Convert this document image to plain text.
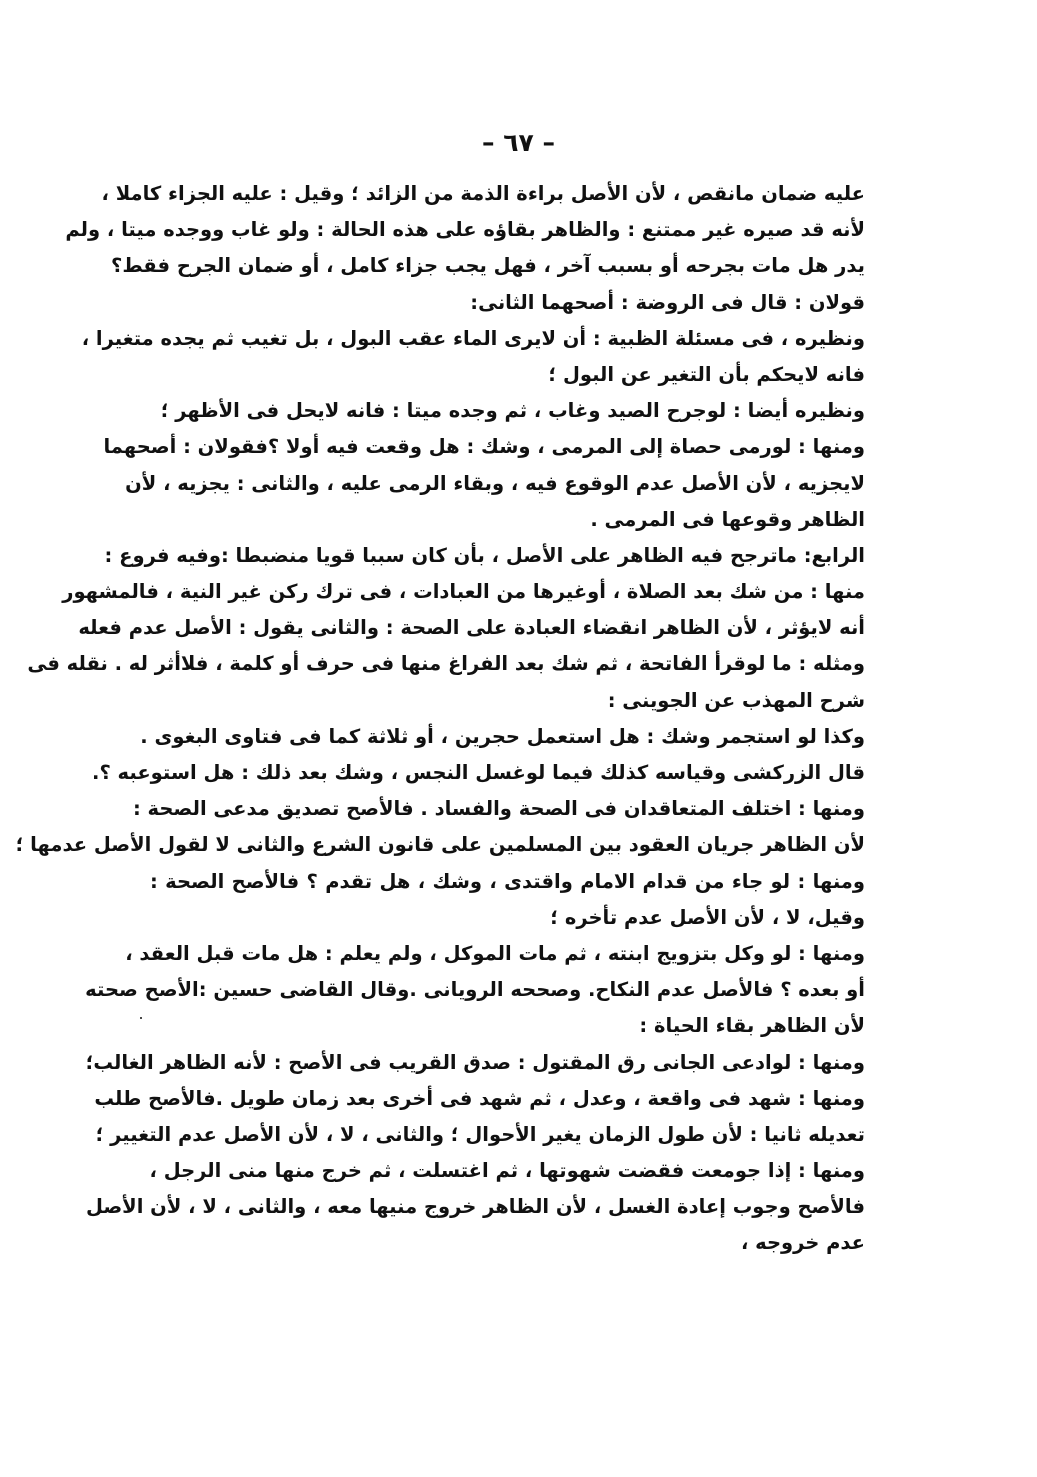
– ٦٧ –
عليه ضمان مانقص ، لأن الأصل براءة الذمة من الزائد ؛ وقيل : عليه الجزاء كاملا ،
لأنه قد صيره غير ممتنع : والظاهر بقاؤه على هذه الحالة : ولو غاب ووجده ميتا ، ولم
يدر هل مات بجرحه أو بسبب آخر ، فهل يجب جزاء كامل ، أو ضمان الجرح فقط؟
قولان : قال فى الروضة : أصحهما الثانى:
ونظيره ، فى مسئلة الظبية : أن لايرى الماء عقب البول ، بل تغيب ثم يجده متغيرا ،
فانه لايحكم بأن التغير عن البول ؛
ونظيره أيضا : لوجرح الصيد وغاب ، ثم وجده ميتا : فانه لايحل فى الأظهر ؛
ومنها : لورمى حصاة إلى المرمى ، وشك : هل وقعت فيه أولا ؟فقولان : أصحهما
لايجزيه ، لأن الأصل عدم الوقوع فيه ، وبقاء الرمى عليه ، والثانى : يجزيه ، لأن
الظاهر وقوعها فى المرمى .
الرابع: ماترجح فيه الظاهر على الأصل ، بأن كان سببا قويا منضبطا :وفيه فروع :
منها : من شك بعد الصلاة ، أوغيرها من العبادات ، فى ترك ركن غير النية ، فالمشهور
أنه لايؤثر ، لأن الظاهر انقضاء العبادة على الصحة : والثانى يقول : الأصل عدم فعله
ومثله : ما لوقرأ الفاتحة ، ثم شك بعد الفراغ منها فى حرف أو كلمة ، فلاأثر له . نقله فى
شرح المهذب عن الجوينى :
وكذا لو استجمر وشك : هل استعمل حجرين ، أو ثلاثة كما فى فتاوى البغوى .
قال الزركشى وقياسه كذلك فيما لوغسل النجس ، وشك بعد ذلك : هل استوعبه ؟.
ومنها : اختلف المتعاقدان فى الصحة والفساد . فالأصح تصديق مدعى الصحة :
لأن الظاهر جريان العقود بين المسلمين على قانون الشرع والثانى لا لقول الأصل عدمها ؛
ومنها : لو جاء من قدام الامام واقتدى ، وشك ، هل تقدم ؟ فالأصح الصحة :
وقيل، لا ، لأن الأصل عدم تأخره ؛
ومنها : لو وكل بتزويج ابنته ، ثم مات الموكل ، ولم يعلم : هل مات قبل العقد ،
أو بعده ؟ فالأصل عدم النكاح. وصححه الرويانى .وقال القاضى حسين :الأصح صحته
لأن الظاهر بقاء الحياة :
ومنها : لوادعى الجانى رق المقتول : صدق القريب فى الأصح : لأنه الظاهر الغالب؛
ومنها : شهد فى واقعة ، وعدل ، ثم شهد فى أخرى بعد زمان طويل .فالأصح طلب
تعديله ثانيا : لأن طول الزمان يغير الأحوال ؛ والثانى ، لا ، لأن الأصل عدم التغيير ؛
ومنها : إذا جومعت فقضت شهوتها ، ثم اغتسلت ، ثم خرج منها منى الرجل ،
فالأصح وجوب إعادة الغسل ، لأن الظاهر خروج منيها معه ، والثانى ، لا ، لأن الأصل
عدم خروجه ،
